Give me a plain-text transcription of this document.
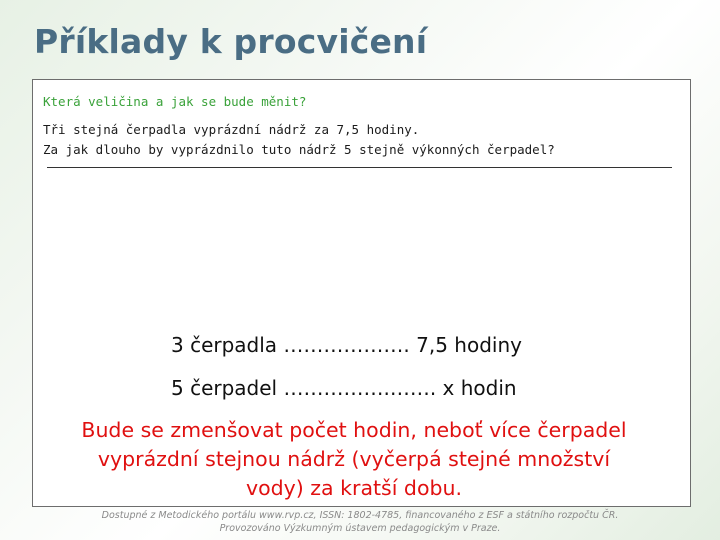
Příklady k procvičení
Která veličina a jak se bude měnit?
Tři stejná čerpadla vyprázdní nádrž za 7,5 hodiny.
Za jak dlouho by vyprázdnilo tuto nádrž 5 stejně výkonných čerpadel?
3 čerpadla ………………. 7,5 hodiny
5 čerpadel …………….……. x hodin
Bude se zmenšovat počet hodin, neboť více čerpadel
vyprázdní stejnou nádrž (vyčerpá stejné množství
vody) za kratší dobu.
Dostupné z Metodického portálu www.rvp.cz, ISSN: 1802-4785, financovaného z ESF a státního rozpočtu ČR.
Provozováno Výzkumným ústavem pedagogickým v Praze.
